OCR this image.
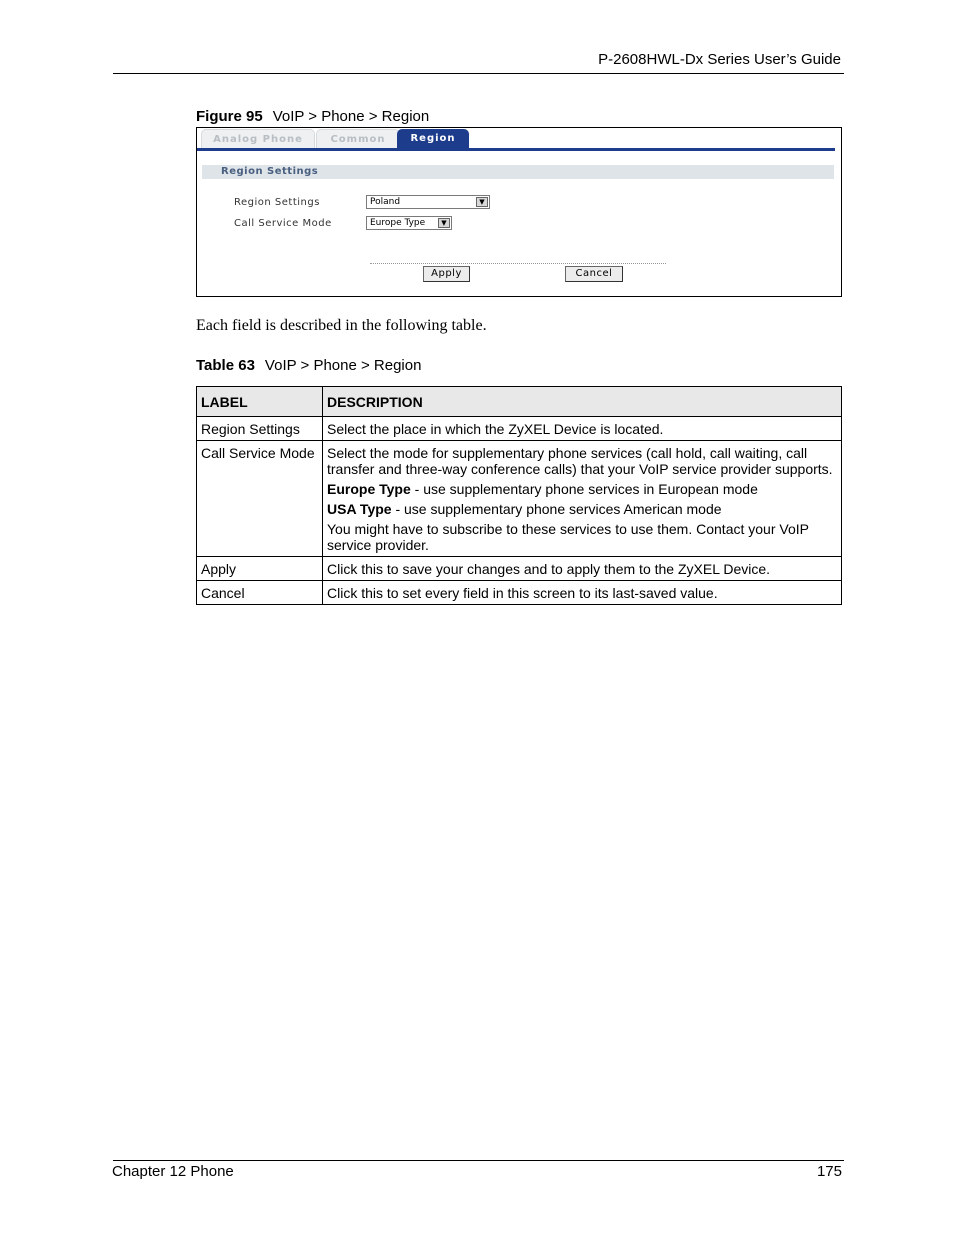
P-2608HWL-Dx Series User’s Guide
Figure 95 VoIP > Phone > Region
Analog Phone	Common	Region
Region Settings
Region Settings	Poland	▼
Call Service Mode	Europe Type	▼
Apply	Cancel
Each field is described in the following table.
Table 63 VoIP > Phone > Region
LABEL	DESCRIPTION
Region Settings	Select the place in which the ZyXEL Device is located.

Call Service Mode	Select the mode for supplementary phone services (call hold, call waiting, call transfer and three-way conference calls) that your VoIP service provider supports.

Europe Type - use supplementary phone services in European mode

USA Type - use supplementary phone services American mode

You might have to subscribe to these services to use them. Contact your VoIP service provider.

Apply	Click this to save your changes and to apply them to the ZyXEL Device.

Cancel	Click this to set every field in this screen to its last-saved value.

Chapter 12 Phone	175
